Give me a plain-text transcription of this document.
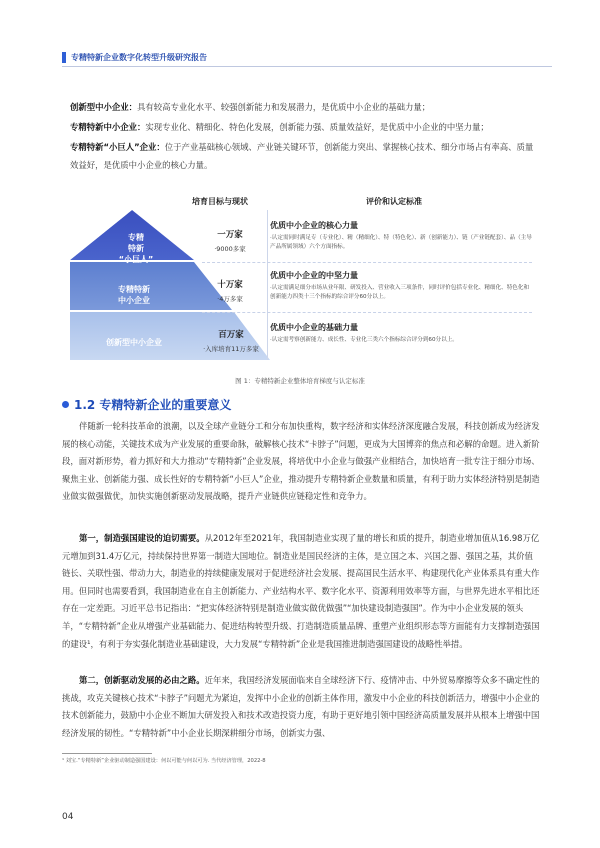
专精特新企业数字化转型升级研究报告
创新型中小企业：具有较高专业化水平、较强创新能力和发展潜力，是优质中小企业的基础力量；
专精特新中小企业：实现专业化、精细化、特色化发展，创新能力强、质量效益好，是优质中小企业的中坚力量；
专精特新“小巨人”企业：位于产业基础核心领域、产业链关键环节，创新能力突出、掌握核心技术、细分市场占有率高、质量效益好，是优质中小企业的核心力量。
培育目标与现状	评价和认定标准
专精
特新
“小巨人”
专精特新
中小企业
创新型中小企业
一万家
·9000多家
十万家
·4万多家
百万家
·入库培育11万多家
优质中小企业的核心力量
·认定需同时满足专（专业化）、精（精细化）、特（特色化）、新（创新能力）、链（产业链配套）、品（主导产品所属领域）六个方面指标。
优质中小企业的中坚力量
·认定需满足细分市场从业年限、研发投入、营业收入三项条件，同时评价包括专业化、精细化、特色化和创新能力四类十三个指标的综合评分60分以上。
优质中小企业的基础力量
·认定需考察创新能力、成长性、专业化三类六个指标综合评分到60分以上。
图 1：专精特新企业整体培育梯度与认定标准
1.2 专精特新企业的重要意义

伴随新一轮科技革命的浪潮，以及全球产业链分工和分布加快重构，数字经济和实体经济深度融合发展，科技创新成为经济发展的核心动能，关键技术成为产业发展的重要命脉，破解核心技术“卡脖子”问题，更成为大国博弈的焦点和必解的命题。进入新阶段，面对新形势，着力抓好和大力推动“专精特新”企业发展，将培优中小企业与做强产业相结合，加快培育一批专注于细分市场、聚焦主业、创新能力强、成长性好的专精特新“小巨人”企业，推动提升专精特新企业数量和质量，有利于助力实体经济特别是制造业做实做强做优，加快实施创新驱动发展战略，提升产业链供应链稳定性和竞争力。

第一，制造强国建设的迫切需要。从2012年至2021年，我国制造业实现了量的增长和质的提升，制造业增加值从16.98万亿元增加到31.4万亿元，持续保持世界第一制造大国地位。制造业是国民经济的主体，是立国之本、兴国之器、强国之基，其价值链长、关联性强、带动力大，制造业的持续健康发展对于促进经济社会发展、提高国民生活水平、构建现代化产业体系具有重大作用。但同时也需要看到，我国制造业在自主创新能力、产业结构水平、数字化水平、资源利用效率等方面，与世界先进水平相比还存在一定差距。习近平总书记指出：“把实体经济特别是制造业做实做优做强”“加快建设制造强国”。作为中小企业发展的领头羊，“专精特新”企业从增强产业基础能力、促进结构转型升级、打造制造质量品牌、重塑产业组织形态等方面能有力支撑制造强国的建设¹，有利于夯实强化制造业基础建设，大力发展“专精特新”企业是我国推进制造强国建设的战略性举措。

第二，创新驱动发展的必由之路。近年来，我国经济发展面临来自全球经济下行、疫情冲击、中外贸易摩擦等众多不确定性的挑战，攻克关键核心技术“卡脖子”问题尤为紧迫，发挥中小企业的创新主体作用，激发中小企业的科技创新活力，增强中小企业的技术创新能力，鼓励中小企业不断加大研发投入和技术改造投资力度，有助于更好地引领中国经济高质量发展并从根本上增强中国经济发展的韧性。“专精特新”中小企业长期深耕细分市场，创新实力强、

¹ 刘宝.“专精特新”企业驱动制造强国建设：何以可能与何以可为. 当代经济管理，2022-8
04
